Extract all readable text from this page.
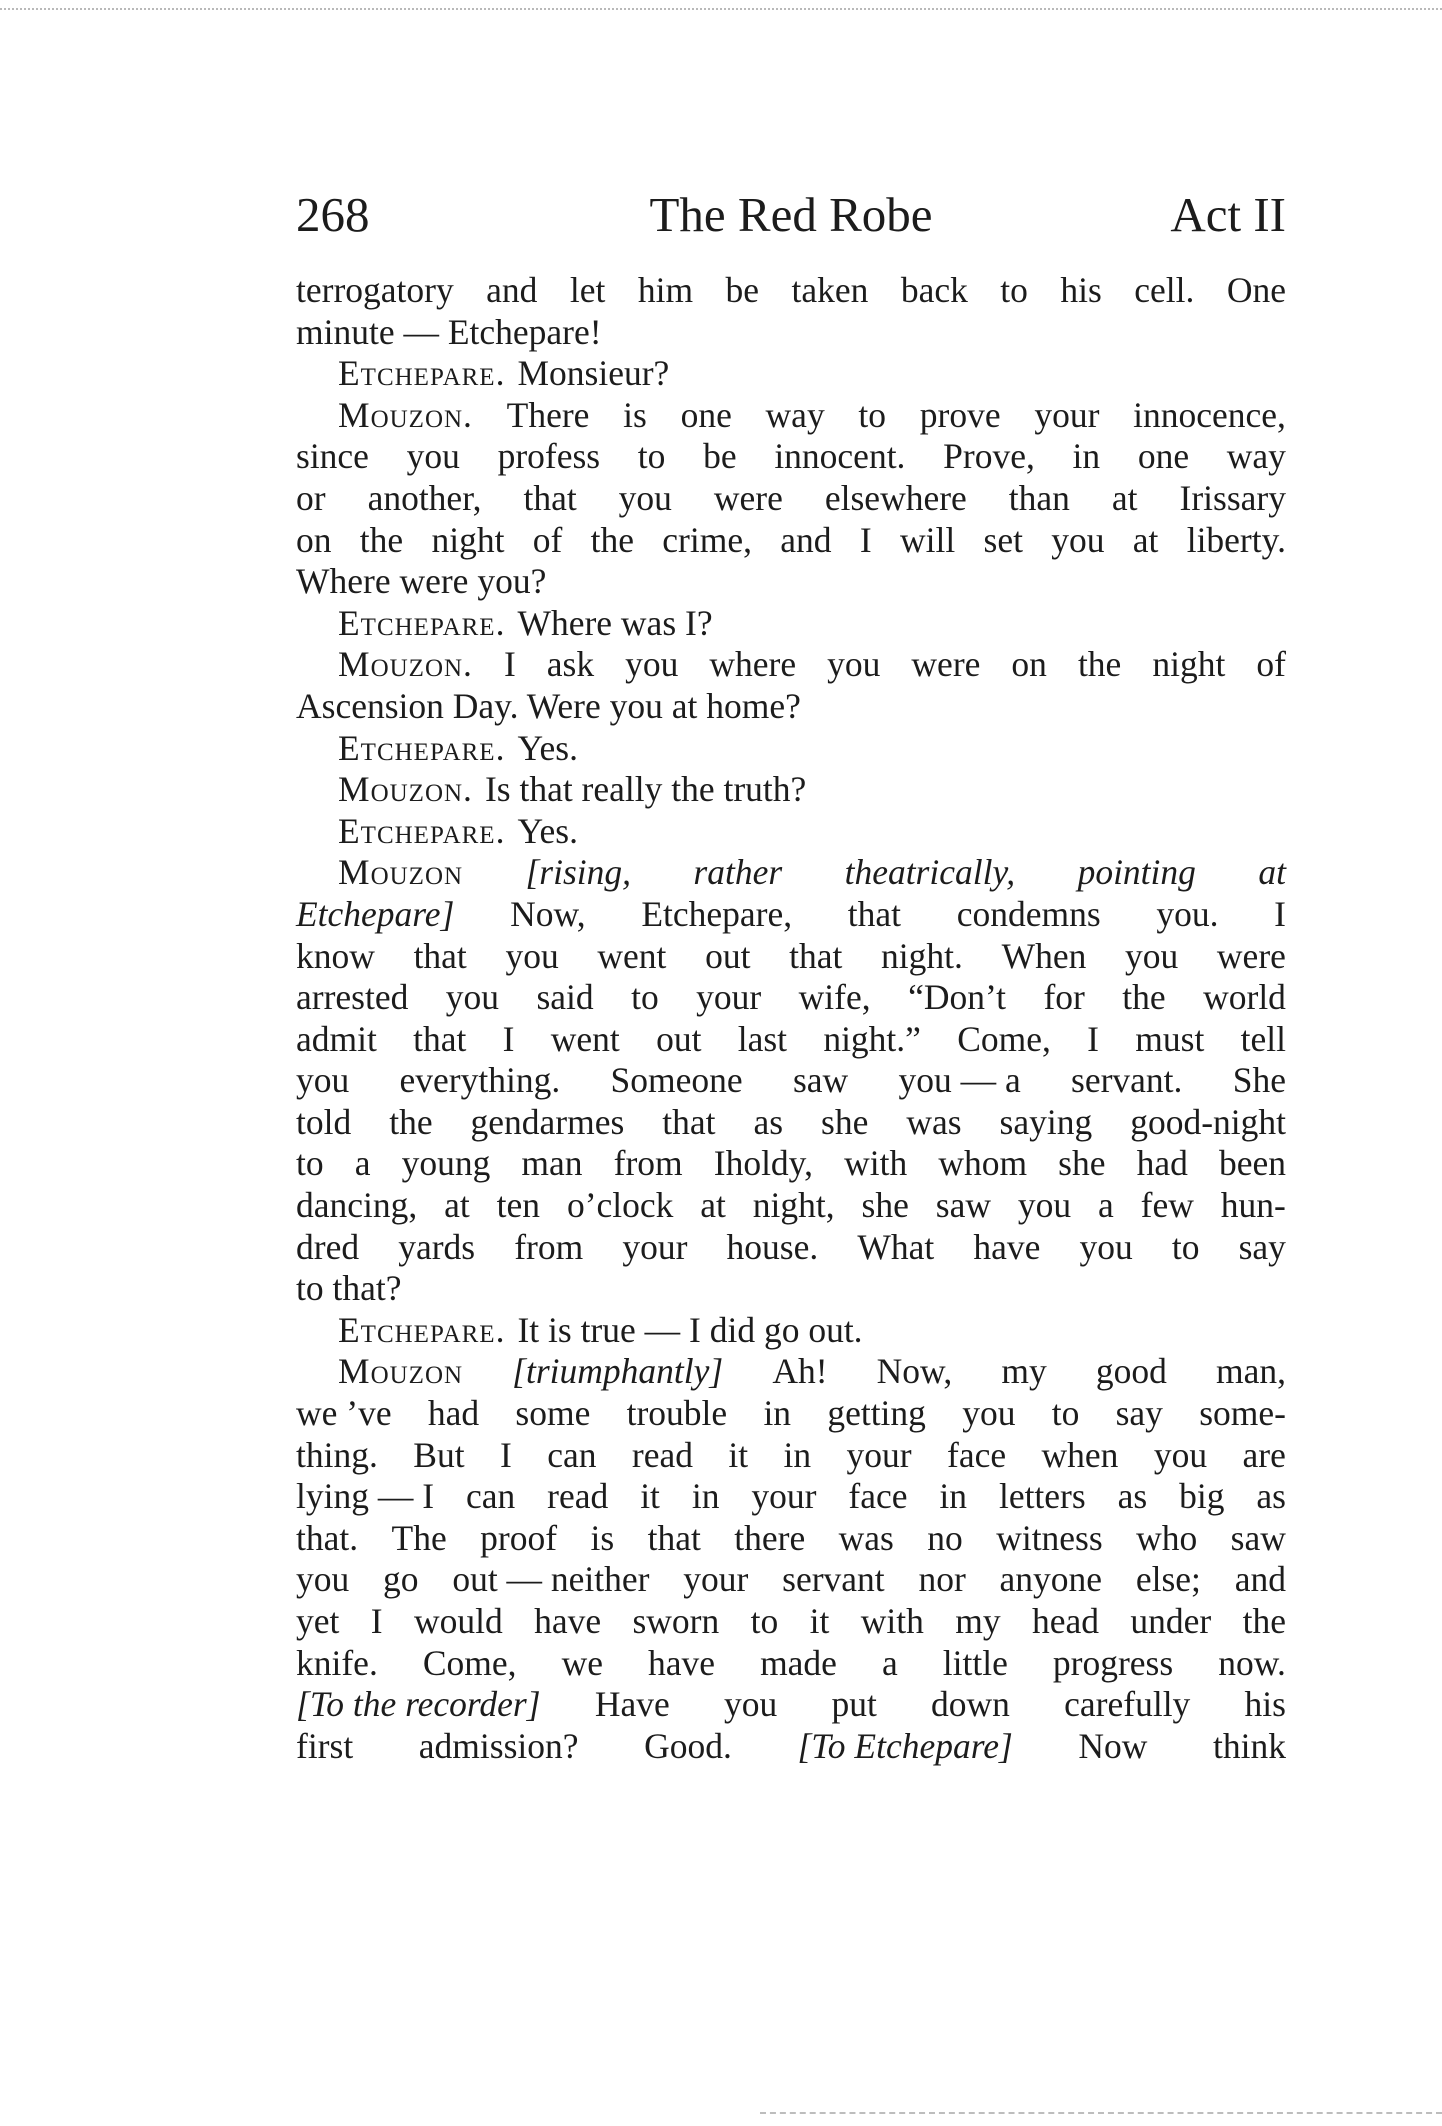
268	The Red Robe	Act II
terrogatory and let him be taken back to his cell. One
minute — Etchepare!
Etchepare. Monsieur?
Mouzon. There is one way to prove your innocence,
since you profess to be innocent. Prove, in one way
or another, that you were elsewhere than at Irissary
on the night of the crime, and I will set you at liberty.
Where were you?
Etchepare. Where was I?
Mouzon. I ask you where you were on the night of
Ascension Day. Were you at home?
Etchepare. Yes.
Mouzon. Is that really the truth?
Etchepare. Yes.
Mouzon [rising, rather theatrically, pointing at
Etchepare] Now, Etchepare, that condemns you. I
know that you went out that night. When you were
arrested you said to your wife, “Don’t for the world
admit that I went out last night.” Come, I must tell
you everything. Someone saw you — a servant. She
told the gendarmes that as she was saying good-night
to a young man from Iholdy, with whom she had been
dancing, at ten o’clock at night, she saw you a few hun-
dred yards from your house. What have you to say
to that?
Etchepare. It is true — I did go out.
Mouzon [triumphantly] Ah! Now, my good man,
we ’ve had some trouble in getting you to say some-
thing. But I can read it in your face when you are
lying — I can read it in your face in letters as big as
that. The proof is that there was no witness who saw
you go out — neither your servant nor anyone else; and
yet I would have sworn to it with my head under the
knife. Come, we have made a little progress now.
[To the recorder] Have you put down carefully his
first admission? Good. [To Etchepare] Now think
